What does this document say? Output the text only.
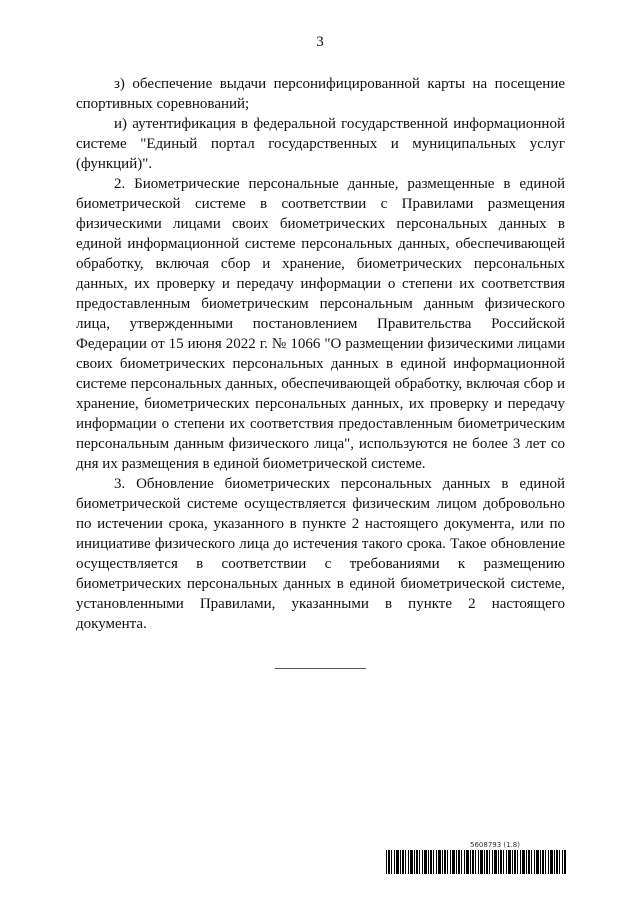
3

з) обеспечение выдачи персонифицированной карты на посещение спортивных соревнований;

и) аутентификация в федеральной государственной информационной системе "Единый портал государственных и муниципальных услуг (функций)".

2. Биометрические персональные данные, размещенные в единой биометрической системе в соответствии с Правилами размещения физическими лицами своих биометрических персональных данных в единой информационной системе персональных данных, обеспечивающей обработку, включая сбор и хранение, биометрических персональных данных, их проверку и передачу информации о степени их соответствия предоставленным биометрическим персональным данным физического лица, утвержденными постановлением Правительства Российской Федерации от 15 июня 2022 г. № 1066 "О размещении физическими лицами своих биометрических персональных данных в единой информационной системе персональных данных, обеспечивающей обработку, включая сбор и хранение, биометрических персональных данных, их проверку и передачу информации о степени их соответствия предоставленным биометрическим персональным данным физического лица", используются не более 3 лет со дня их размещения в единой биометрической системе.

3. Обновление биометрических персональных данных в единой биометрической системе осуществляется физическим лицом добровольно по истечении срока, указанного в пункте 2 настоящего документа, или по инициативе физического лица до истечения такого срока. Такое обновление осуществляется в соответствии с требованиями к размещению биометрических персональных данных в единой биометрической системе, установленными Правилами, указанными в пункте 2 настоящего документа.

5608793 (1.8)
